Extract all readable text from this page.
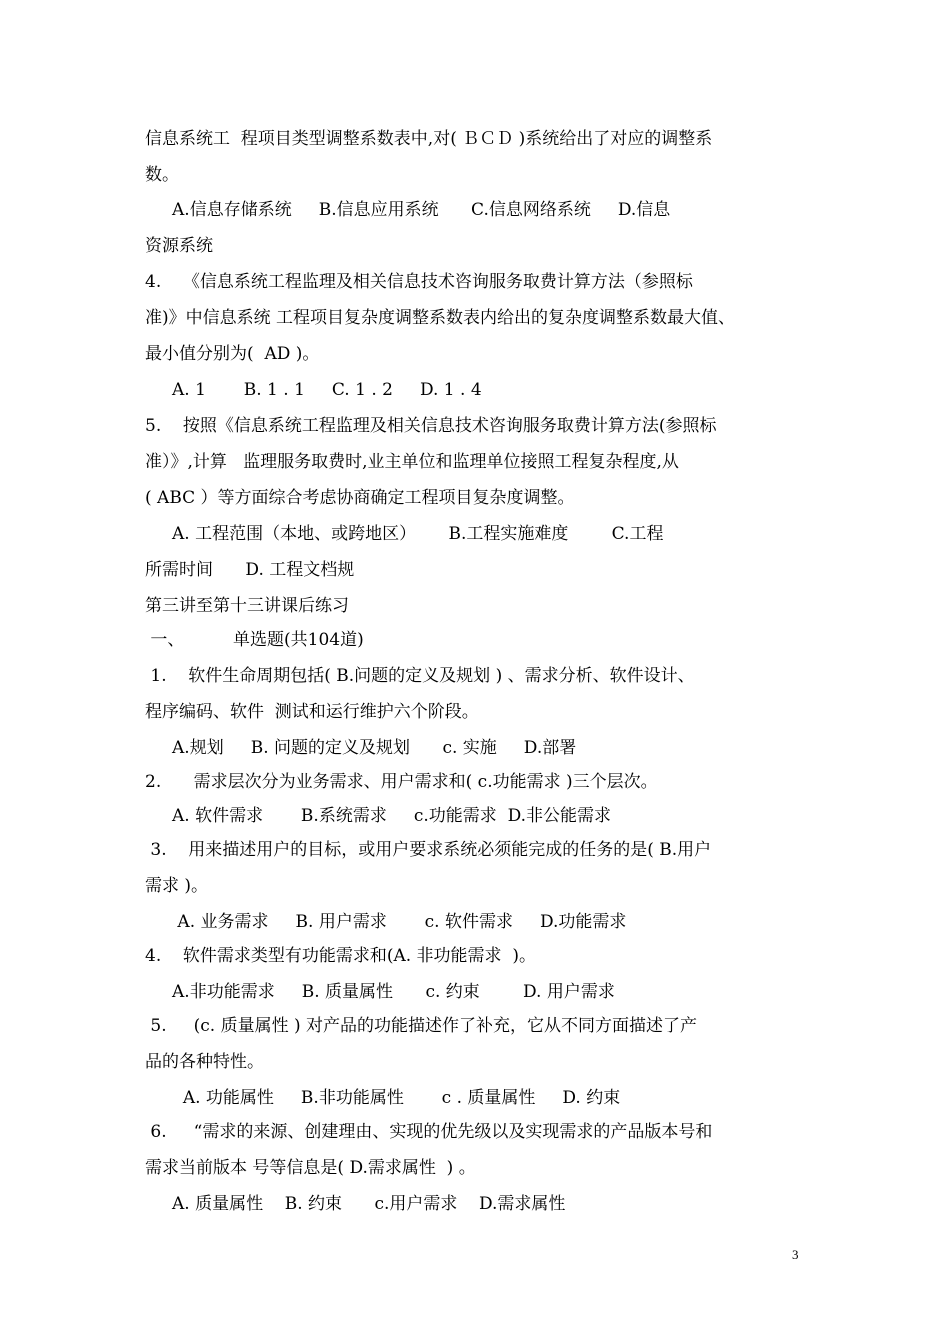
信息系统工  程项目类型调整系数表中,对( ＢＣＤ )系统给出了对应的调整系

数。

A.信息存储系统     B.信息应用系统      C.信息网络系统     D.信息

资源系统

4.    《信息系统工程监理及相关信息技术咨询服务取费计算方法（参照标

准)》中信息系统 工程项目复杂度调整系数表内给出的复杂度调整系数最大值、

最小值分别为(  AD )。

A. 1       B. 1 . 1     C. 1 . 2     D. 1 . 4

5.    按照《信息系统工程监理及相关信息技术咨询服务取费计算方法(参照标

准）》,计算   监理服务取费时,业主单位和监理单位接照工程复杂程度,从

( ABC ）等方面综合考虑协商确定工程项目复杂度调整。

A. 工程范围（本地、或跨地区）      B.工程实施难度        C.工程

所需时间      D. 工程文档规

第三讲至第十三讲课后练习

一、         单选题(共104道)

1.    软件生命周期包括( B.问题的定义及规划 ) 、需求分析、软件设计、

程序编码、软件  测试和运行维护六个阶段。

A.规划     B. 问题的定义及规划      c. 实施     D.部署

2.      需求层次分为业务需求、用户需求和( c.功能需求 )三个层次。

A. 软件需求       B.系统需求     c.功能需求  D.非公能需求

3.    用来描述用户的目标，或用户要求系统必须能完成的任务的是( B.用户

需求 )。

A. 业务需求     B. 用户需求       c. 软件需求     D.功能需求

4.    软件需求类型有功能需求和(A. 非功能需求  )。

A.非功能需求     B. 质量属性      c. 约束        D. 用户需求

5.     (c. 质量属性 ) 对产品的功能描述作了补充，它从不同方面描述了产

品的各种特性。

A. 功能属性     B.非功能属性       c . 质量属性     D. 约束

6.     “需求的来源、创建理由、实现的优先级以及实现需求的产品版本号和

需求当前版本 号等信息是( D.需求属性  ) 。

A. 质量属性    B. 约束      c.用户需求    D.需求属性

3
